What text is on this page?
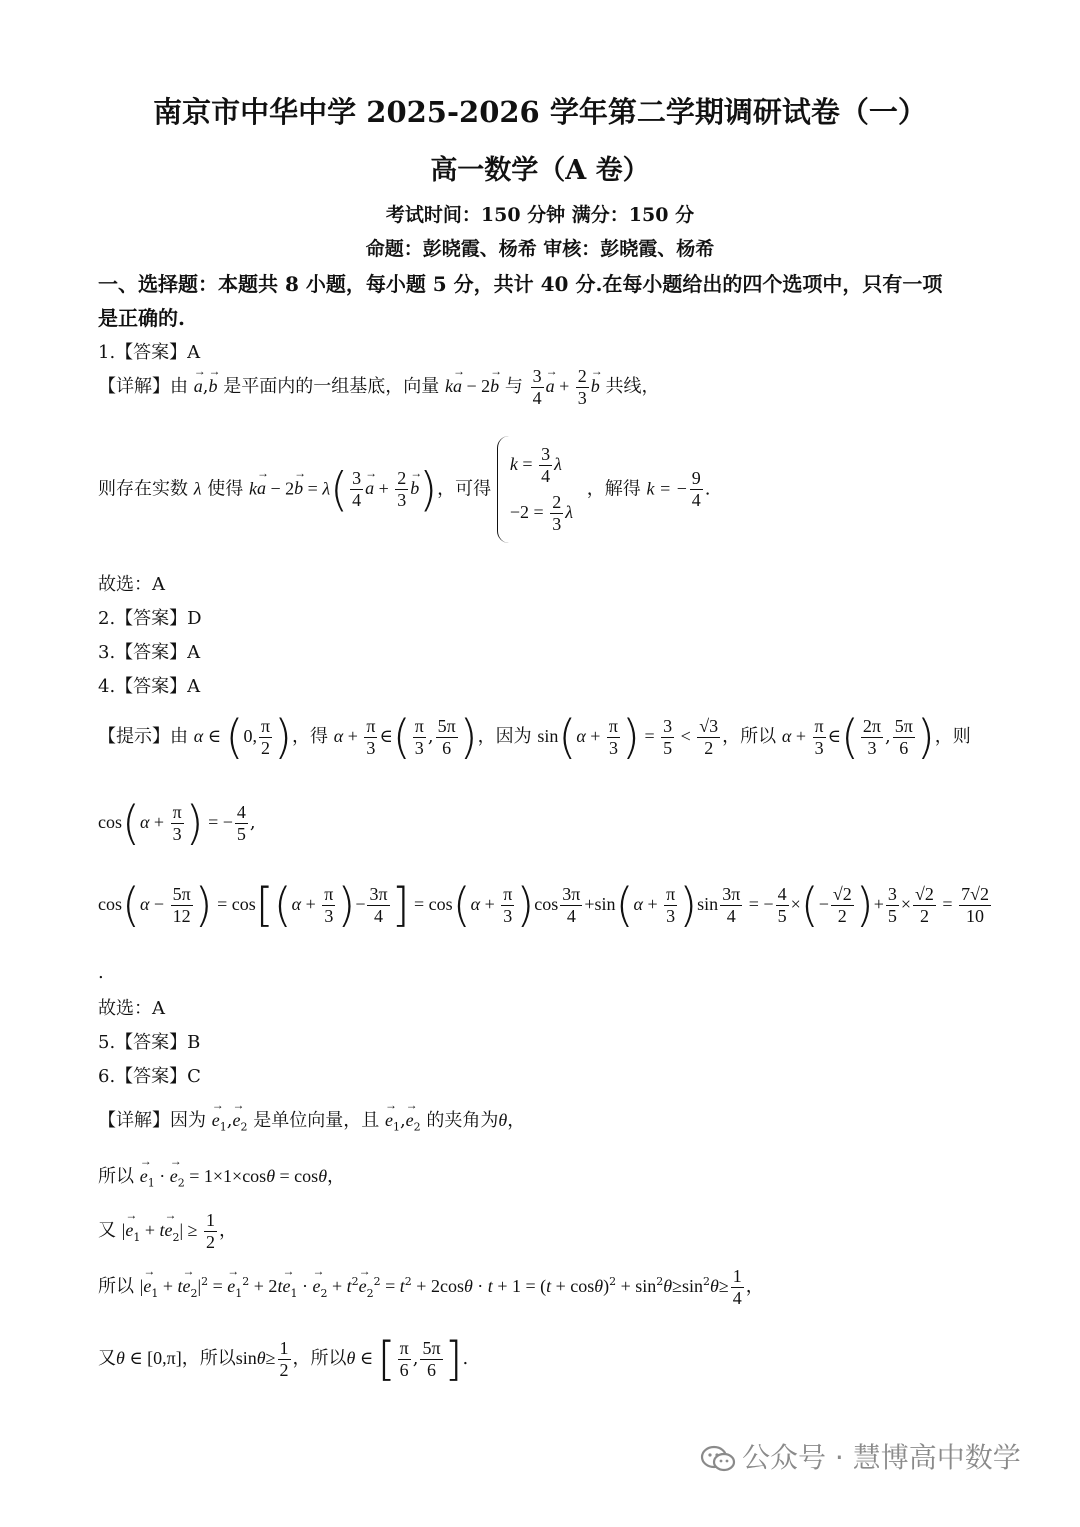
南京市中华中学 2025-2026 学年第二学期调研试卷（一）
高一数学（A 卷）
考试时间：150 分钟 满分：150 分
命题：彭晓霞、杨希 审核：彭晓霞、杨希
一、选择题：本题共 8 小题，每小题 5 分，共计 40 分.在每小题给出的四个选项中，只有一项
是正确的.
1.【答案】A
【详解】由 → a,→ b 是平面内的一组基底，向量 k→ a − 2→ b 与 $\frac{3}{4}$
→ $a + \frac{2}{3}$
→ b 共线，
则存在实数 λ 使得 $k\to a - 2\to b = \lambda( \frac{3}{4}$
→ $a + \frac{2}{3}$
→ b)，可得
$k = \frac{3}{4}$ λ
$-2 = \frac{2}{3}$ λ
，解得 k = − $\frac{9}{4}$ .
故选：A
2.【答案】D
3.【答案】A
4.【答案】A
【提示】由 α ∈ (0, $\frac{\pi}{2}$ )，得 $\alpha + \frac{\pi}{3}$ ∈( $\frac{\pi}{3}$ , $\frac{5\pi}{6}$ )，因为 $\sin(\alpha + \frac{\pi}{3}$ ) = $\frac{3}{5} < \frac{√3}{2}$ ，所以 $\alpha + \frac{\pi}{3}$ ∈( $\frac{2\pi}{3}$ , $\frac{5\pi}{6}$ )，则
$\cos(\alpha + \frac{\pi}{3}$ ) = − $\frac{4}{5}$ ,
$\cos(\alpha - \frac{5\pi}{12}$ ) = $\cos[(\alpha + \frac{\pi}{3}$ )− $\frac{3\pi}{4}$ ] = $\cos(\alpha + \frac{\pi}{3} )\cos \frac{3\pi}{4} +\sin(\alpha + \frac{\pi}{3} )\sin \frac{3\pi}{4}$ = − $\frac{4}{5}$ ×(− $\frac{√2}{2}$ )+ $\frac{3}{5} \times \frac{√2}{2} = \frac{7√2}{10}$
.
故选：A
5.【答案】B
6.【答案】C
【详解】因为 → $e_1,\to e_2$ 是单位向量，且 → $e_1,\to e_2$ 的夹角为θ，
所以 → $e_1$ · → $e_2 = 1\times 1\times\cos\theta = \cos\theta$，
又 |→ $e_1 + t\to e_2| \ge \frac{1}{2}$ ，
所以 |→ $e_1 + t\to e_2|^2$ = → $e_1^2 + 2t\to e_1$ · → $e_2 + t^2\to e_2^2 = t^2 + 2\cos\theta \cdot t + 1 = (t + \cos\theta)^2 + \sin^2\theta\ge\sin^2\theta\ge \frac{1}{4}$ ，
又θ ∈ [0,π]，所以$\sin\theta\ge \frac{1}{2}$ ，所以θ ∈ [ $\frac{\pi}{6}$ , $\frac{5\pi}{6}$ ].
公众号 · 慧博高中数学
